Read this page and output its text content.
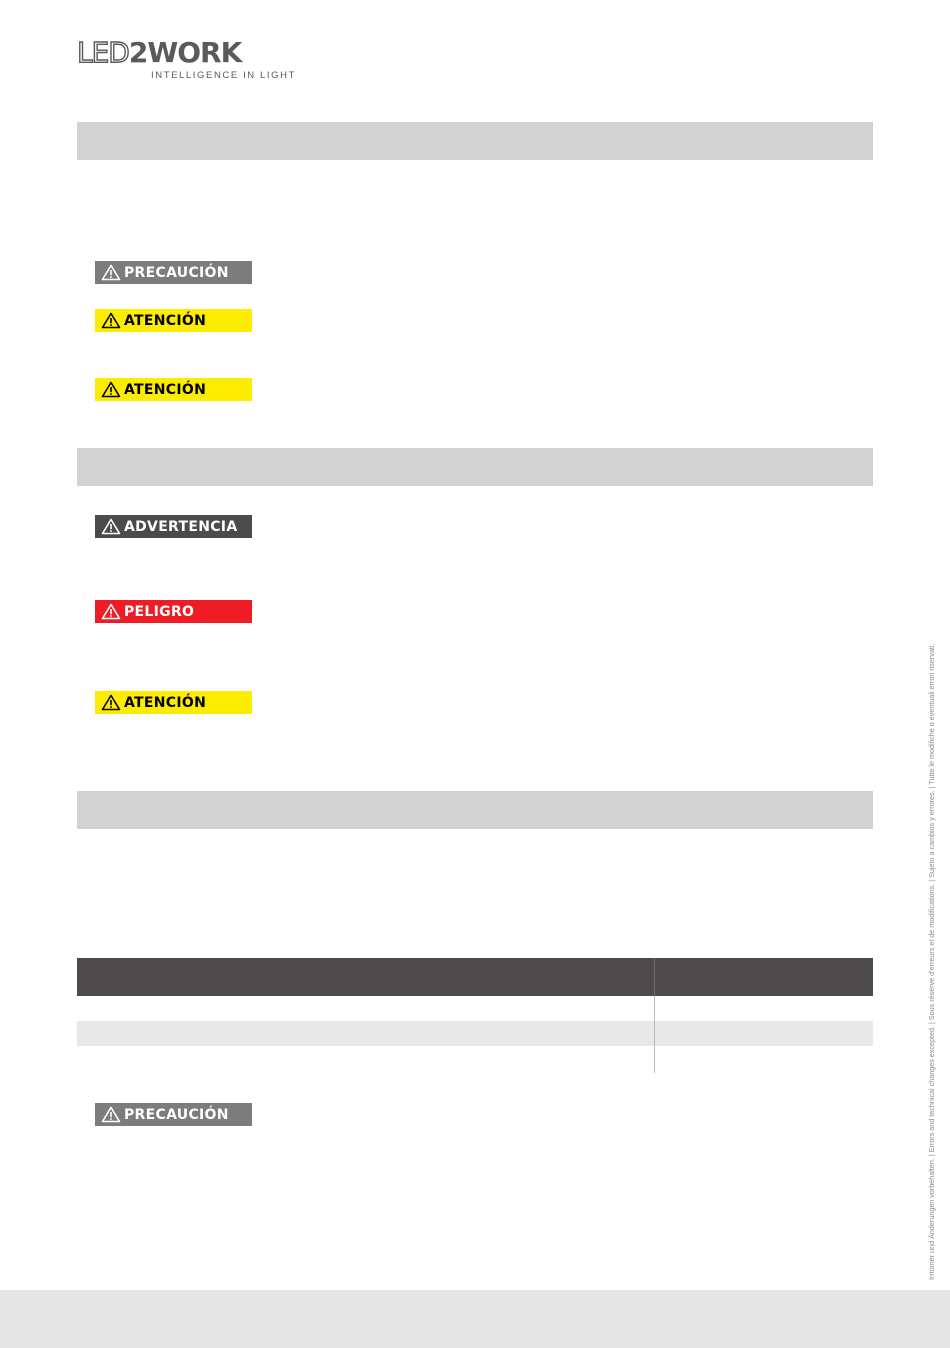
LED2WORK
INTELLIGENCE IN LIGHT
PRECAUCIÓN
ATENCIÓN
ATENCIÓN
ADVERTENCIA
PELIGRO
ATENCIÓN
PRECAUCIÓN	Irrtümer und Änderungen vorbehalten. | Errors and technical changes excepted. | Sous réserve d'erreurs et de modifications. | Sujeto a cambios y errores. | Tutte le modifiche o eventuali errori riservati.
